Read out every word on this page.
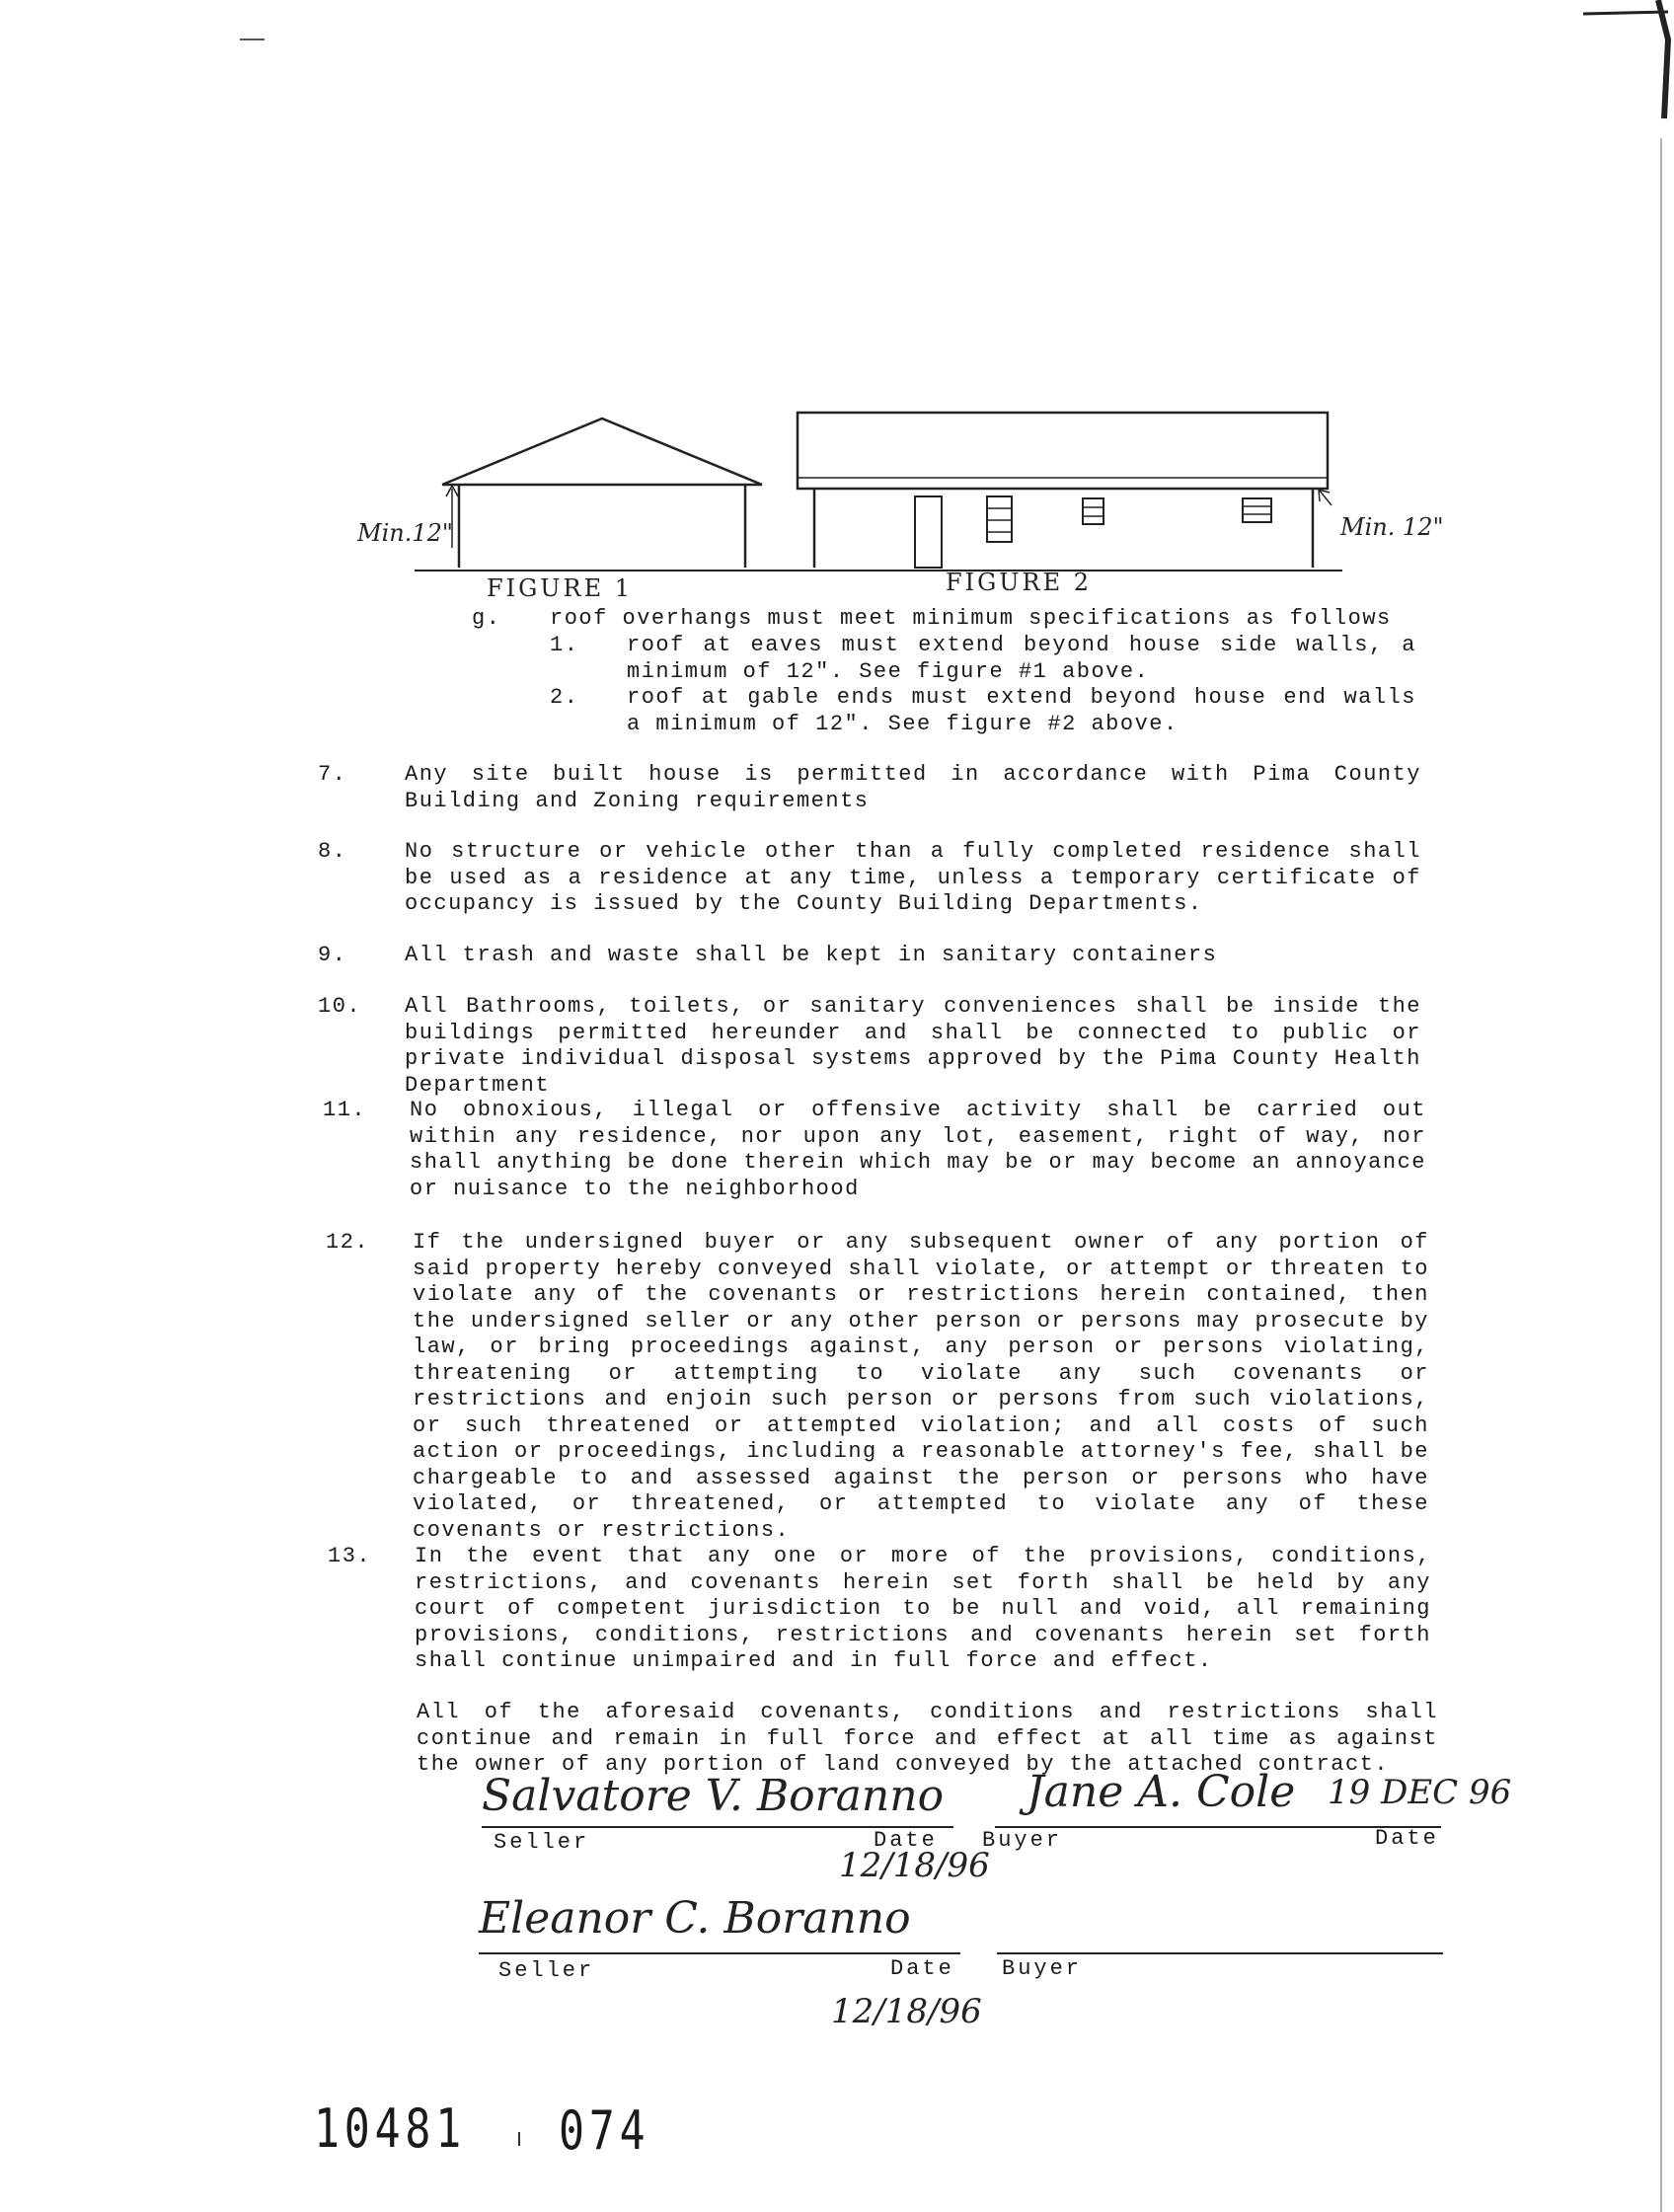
Min.12"	Min. 12"
FIGURE 1	FIGURE 2
g. roof overhangs must meet minimum specifications as follows
1. roof at eaves must extend beyond house side walls, a minimum of 12". See figure #1 above.
2. roof at gable ends must extend beyond house end walls a minimum of 12". See figure #2 above.
7.	Any site built house is permitted in accordance with Pima County Building and Zoning requirements
8.	No structure or vehicle other than a fully completed residence shall be used as a residence at any time, unless a temporary certificate of occupancy is issued by the County Building Departments.
9.	All trash and waste shall be kept in sanitary containers
10. All Bathrooms, toilets, or sanitary conveniences shall be inside the buildings permitted hereunder and shall be connected to public or private individual disposal systems approved by the Pima County Health Department
11. No obnoxious, illegal or offensive activity shall be carried out within any residence, nor upon any lot, easement, right of way, nor shall anything be done therein which may be or may become an annoyance or nuisance to the neighborhood
12. If the undersigned buyer or any subsequent owner of any portion of said property hereby conveyed shall violate, or attempt or threaten to violate any of the covenants or restrictions herein contained, then the undersigned seller or any other person or persons may prosecute by law, or bring proceedings against, any person or persons violating, threatening or attempting to violate any such covenants or restrictions and enjoin such person or persons from such violations, or such threatened or attempted violation; and all costs of such action or proceedings, including a reasonable attorney's fee, shall be chargeable to and assessed against the person or persons who have violated, or threatened, or attempted to violate any of these covenants or restrictions.
13. In the event that any one or more of the provisions, conditions, restrictions, and covenants herein set forth shall be held by any court of competent jurisdiction to be null and void, all remaining provisions, conditions, restrictions and covenants herein set forth shall continue unimpaired and in full force and effect.
All of the aforesaid covenants, conditions and restrictions shall continue and remain in full force and effect at all time as against the owner of any portion of land conveyed by the attached contract.
Salvatore V. Boranno Jane A. Cole 19 DEC 96
Seller	Date Buyer	Date
12/18/96
Eleanor C. Boranno
Seller	Date Buyer
12/18/96
10481 074
